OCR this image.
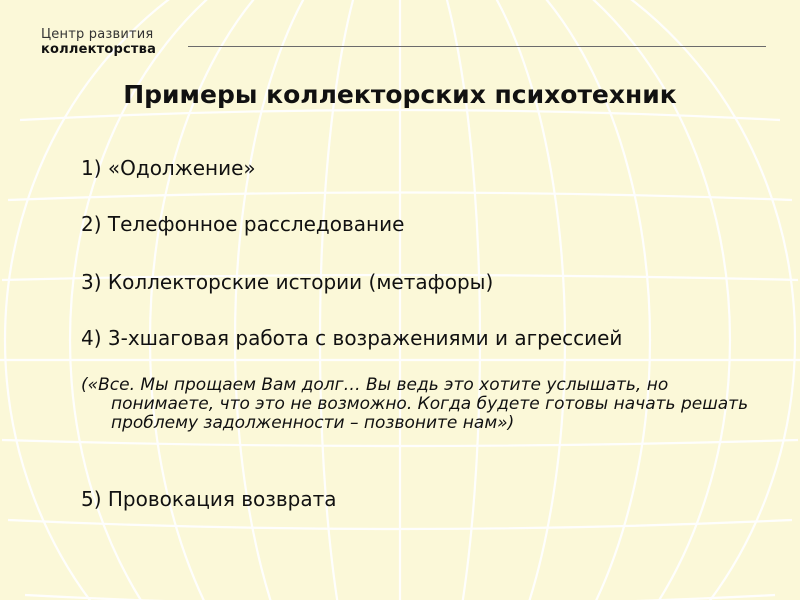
Центр развития
коллекторства
Примеры коллекторских психотехник
1) «Одолжение»
2) Телефонное расследование
3) Коллекторские истории (метафоры)
4) 3-хшаговая работа с возражениями и агрессией
(«Все. Мы прощаем Вам долг… Вы ведь это хотите услышать, но понимаете, что это не возможно. Когда будете готовы начать решать проблему задолженности – позвоните нам»)
5) Провокация возврата
